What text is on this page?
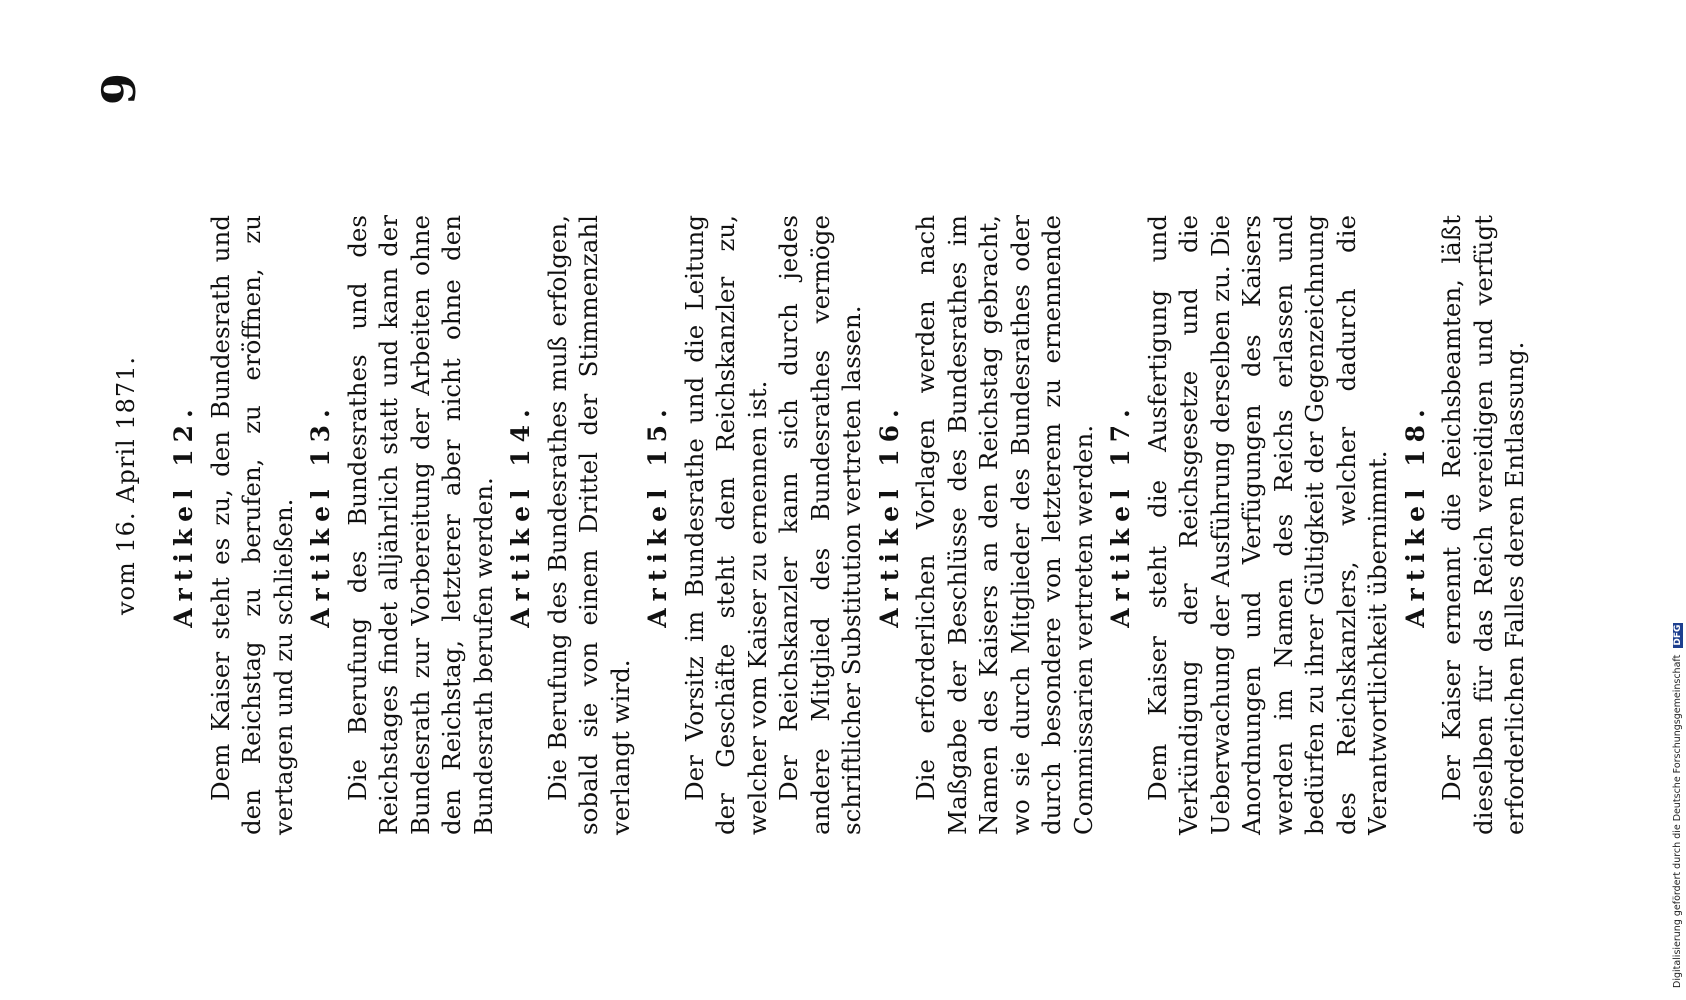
vom 16. April 1871.
9
Artikel 12. Dem Kaiser steht es zu, den Bundesrath und den Reichstag zu berufen, zu eröffnen, zu vertagen und zu schließen. Artikel 13. Die Berufung des Bundesrathes und des Reichstages findet alljährlich statt und kann der Bundesrath zur Vorbereitung der Arbeiten ohne den Reichstag, letzterer aber nicht ohne den Bundesrath berufen werden. Artikel 14. Die Berufung des Bundesrathes muß erfolgen, sobald sie von einem Drittel der Stimmenzahl verlangt wird.

Artikel 15. Der Vorsitz im Bundesrathe und die Leitung der Geschäfte steht dem Reichskanzler zu, welcher vom Kaiser zu ernennen ist. Der Reichskanzler kann sich durch jedes andere Mitglied des Bundesrathes vermöge schriftlicher Substitution vertreten lassen. Artikel 16. Die erforderlichen Vorlagen werden nach Maßgabe der Beschlüsse des Bundesrathes im Namen des Kaisers an den Reichstag gebracht, wo sie durch Mitglieder des Bundesrathes oder durch besondere von letzterem zu ernennende Commissarien vertreten werden. Artikel 17. Dem Kaiser steht die Ausfertigung und Verkündigung der Reichsgesetze und die Ueberwachung der Ausführung derselben zu. Die Anordnungen und Verfügungen des Kaisers werden im Namen des Reichs erlassen und bedürfen zu ihrer Gültigkeit der Gegenzeichnung des Reichskanzlers, welcher dadurch die Verantwortlichkeit übernimmt. Artikel 18. Der Kaiser ernennt die Reichsbeamten, läßt dieselben für das Reich vereidigen und verfügt erforderlichen Falles deren Entlassung.	Digitalisierung gefördert durch die Deutsche Forschungsgemeinschaft DFG
